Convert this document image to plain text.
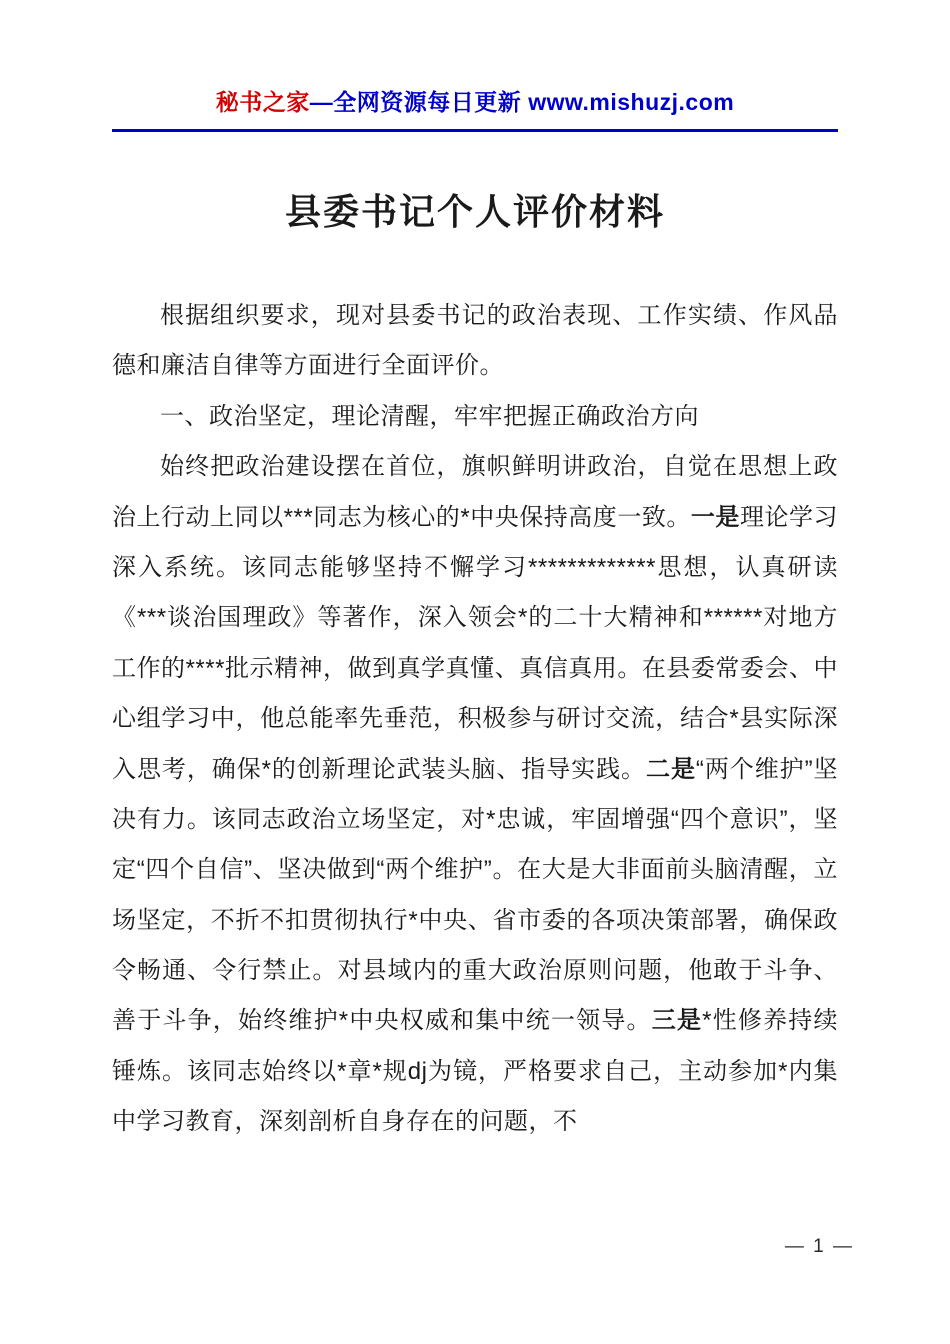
秘书之家—全网资源每日更新 www.mishuzj.com
县委书记个人评价材料

根据组织要求，现对县委书记的政治表现、工作实绩、作风品德和廉洁自律等方面进行全面评价。

一、政治坚定，理论清醒，牢牢把握正确政治方向

始终把政治建设摆在首位，旗帜鲜明讲政治，自觉在思想上政治上行动上同以***同志为核心的*中央保持高度一致。一是理论学习深入系统。该同志能够坚持不懈学习*************思想，认真研读《***谈治国理政》等著作，深入领会*的二十大精神和******对地方工作的****批示精神，做到真学真懂、真信真用。在县委常委会、中心组学习中，他总能率先垂范，积极参与研讨交流，结合*县实际深入思考，确保*的创新理论武装头脑、指导实践。二是“两个维护”坚决有力。该同志政治立场坚定，对*忠诚，牢固增强“四个意识”，坚定“四个自信”、坚决做到“两个维护”。在大是大非面前头脑清醒，立场坚定，不折不扣贯彻执行*中央、省市委的各项决策部署，确保政令畅通、令行禁止。对县域内的重大政治原则问题，他敢于斗争、善于斗争，始终维护*中央权威和集中统一领导。三是*性修养持续锤炼。该同志始终以*章*规dj为镜，严格要求自己，主动参加*内集中学习教育，深刻剖析自身存在的问题，不

— 1 —
